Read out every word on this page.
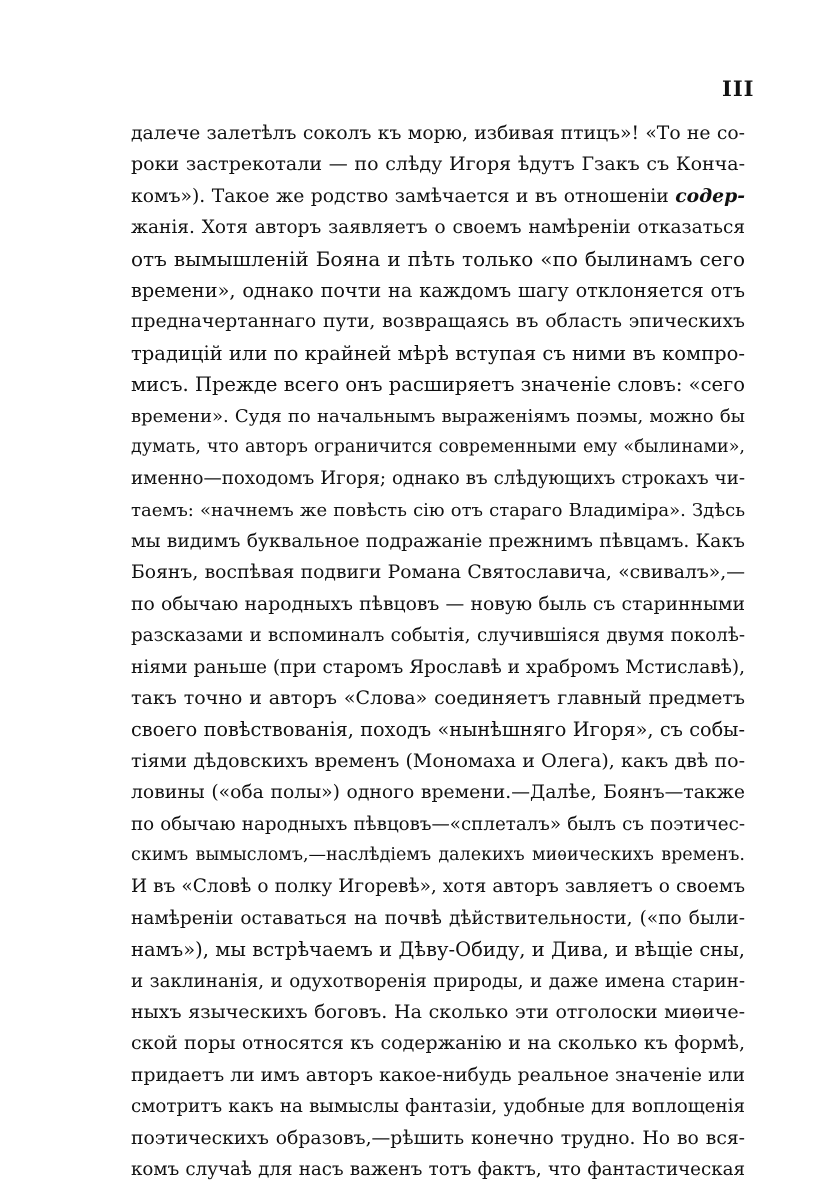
III
далече залетѣлъ соколъ къ морю, избивая птицъ»! «То не со-
роки застрекотали — по слѣду Игоря ѣдутъ Гзакъ съ Конча-
комъ»). Такое же родство замѣчается и въ отношеніи содер-
жанія. Хотя авторъ заявляетъ о своемъ намѣреніи отказаться
отъ вымышленій Бояна и пѣть только «по былинамъ сего
времени», однако почти на каждомъ шагу отклоняется отъ
предначертаннаго пути, возвращаясь въ область эпическихъ
традицій или по крайней мѣрѣ вступая съ ними въ компро-
мисъ. Прежде всего онъ расширяетъ значеніе словъ: «сего
времени». Судя по начальнымъ выраженіямъ поэмы, можно бы
думать, что авторъ ограничится современными ему «былинами»,
именно—походомъ Игоря; однако въ слѣдующихъ строкахъ чи-
таемъ: «начнемъ же повѣсть сію отъ стараго Владиміра». Здѣсь
мы видимъ буквальное подражаніе прежнимъ пѣвцамъ. Какъ
Боянъ, воспѣвая подвиги Романа Святославича, «свивалъ»,—
по обычаю народныхъ пѣвцовъ — новую быль съ старинными
разсказами и вспоминалъ событія, случившіяся двумя поколѣ-
ніями раньше (при старомъ Ярославѣ и храбромъ Мстиславѣ),
такъ точно и авторъ «Слова» соединяетъ главный предметъ
своего повѣствованія, походъ «нынѣшняго Игоря», съ собы-
тіями дѣдовскихъ временъ (Мономаха и Олега), какъ двѣ по-
ловины («оба полы») одного времени.—Далѣе, Боянъ—также
по обычаю народныхъ пѣвцовъ—«сплеталъ» былъ съ поэтичес-
скимъ вымысломъ,—наслѣдіемъ далекихъ миѳическихъ временъ.
И въ «Словѣ о полку Игоревѣ», хотя авторъ завляетъ о своемъ
намѣреніи оставаться на почвѣ дѣйствительности, («по были-
намъ»), мы встрѣчаемъ и Дѣву-Обиду, и Дива, и вѣщіе сны,
и заклинанія, и одухотворенія природы, и даже имена старин-
ныхъ языческихъ боговъ. На сколько эти отголоски миѳиче-
ской поры относятся къ содержанію и на сколько къ формѣ,
придаетъ ли имъ авторъ какое-нибудь реальное значеніе или
смотритъ какъ на вымыслы фантазіи, удобные для воплощенія
поэтическихъ образовъ,—рѣшить конечно трудно. Но во вся-
комъ случаѣ для насъ важенъ тотъ фактъ, что фантастическая
